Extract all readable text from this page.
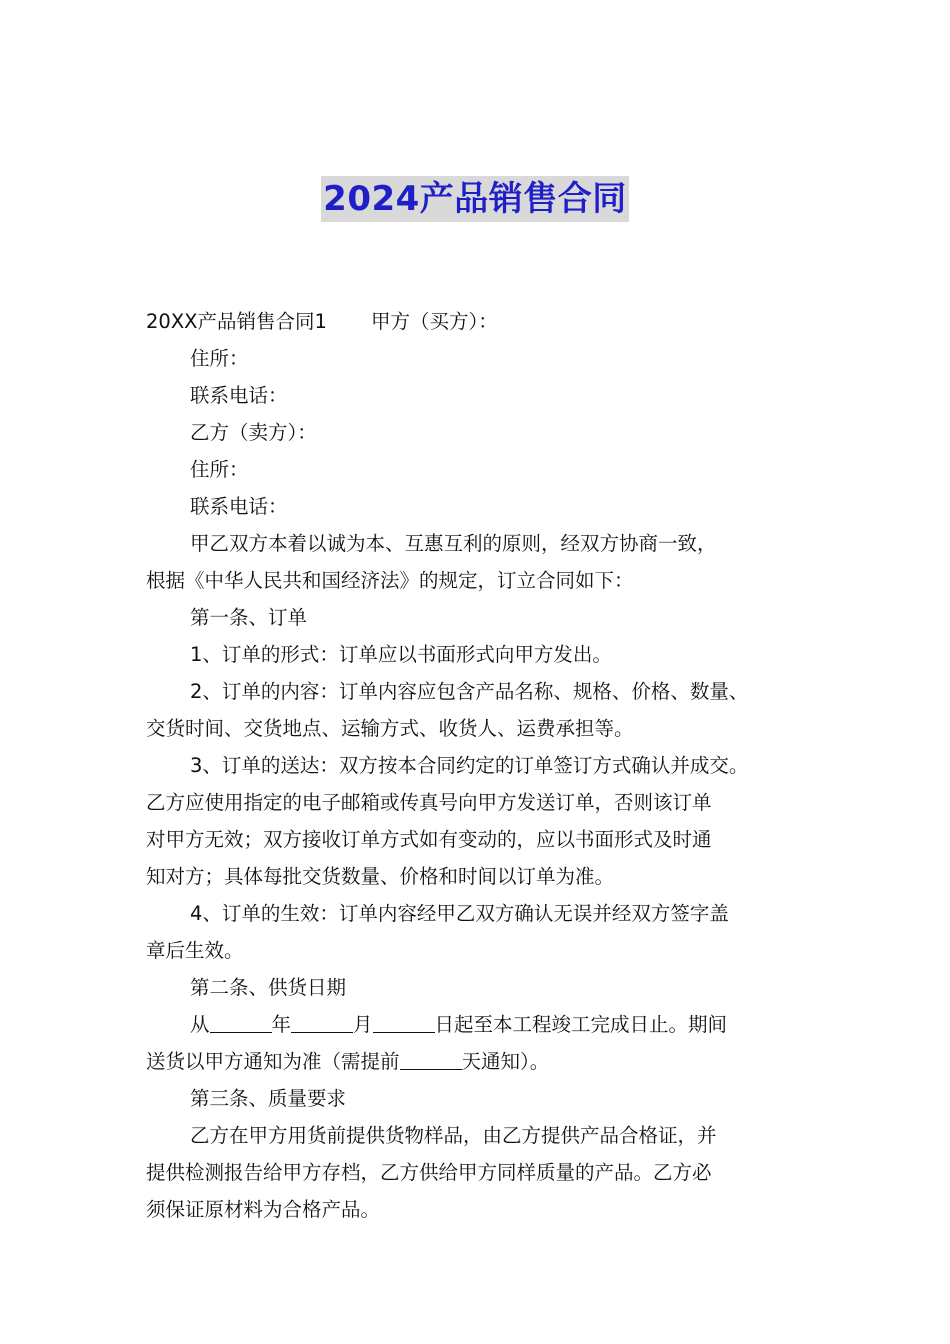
2024产品销售合同

20XX产品销售合同1 甲方（买方）：

住所：

联系电话：

乙方（卖方）：

住所：

联系电话：

甲乙双方本着以诚为本、互惠互利的原则，经双方协商一致，

根据《中华人民共和国经济法》的规定，订立合同如下：

第一条、订单

1、订单的形式：订单应以书面形式向甲方发出。

2、订单的内容：订单内容应包含产品名称、规格、价格、数量、

交货时间、交货地点、运输方式、收货人、运费承担等。

3、订单的送达：双方按本合同约定的订单签订方式确认并成交。

乙方应使用指定的电子邮箱或传真号向甲方发送订单，否则该订单

对甲方无效；双方接收订单方式如有变动的，应以书面形式及时通

知对方；具体每批交货数量、价格和时间以订单为准。

4、订单的生效：订单内容经甲乙双方确认无误并经双方签字盖

章后生效。

第二条、供货日期

从	年	月	日起至本工程竣工完成日止。期间

送货以甲方通知为准（需提前	天通知）。

第三条、质量要求

乙方在甲方用货前提供货物样品，由乙方提供产品合格证，并

提供检测报告给甲方存档，乙方供给甲方同样质量的产品。乙方必

须保证原材料为合格产品。
